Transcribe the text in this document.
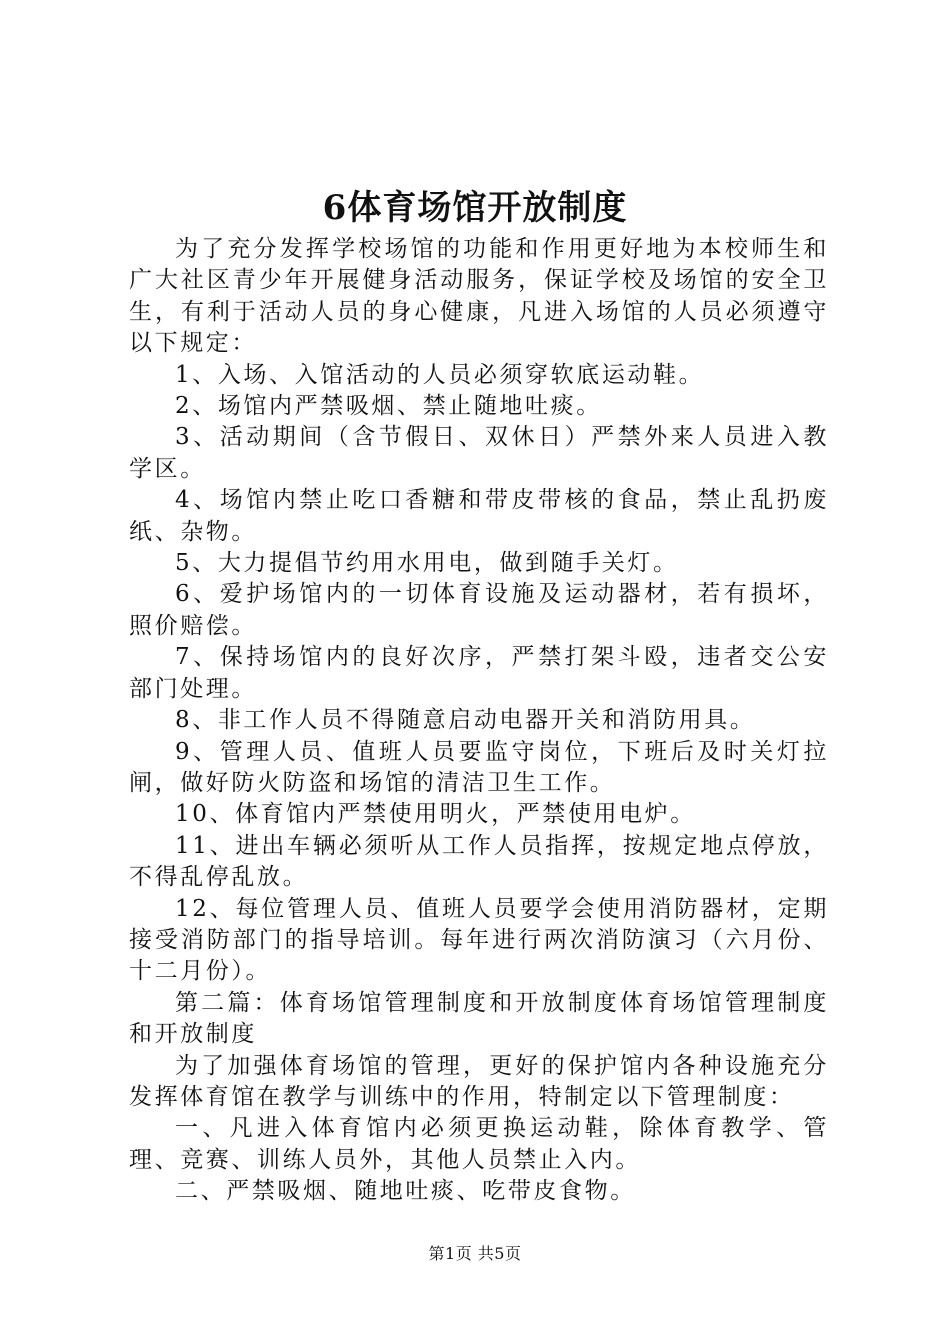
6体育场馆开放制度

为了充分发挥学校场馆的功能和作用更好地为本校师生和广大社区青少年开展健身活动服务，保证学校及场馆的安全卫生，有利于活动人员的身心健康，凡进入场馆的人员必须遵守以下规定：

1、入场、入馆活动的人员必须穿软底运动鞋。

2、场馆内严禁吸烟、禁止随地吐痰。

3、活动期间（含节假日、双休日）严禁外来人员进入教学区。

4、场馆内禁止吃口香糖和带皮带核的食品，禁止乱扔废纸、杂物。

5、大力提倡节约用水用电，做到随手关灯。

6、爱护场馆内的一切体育设施及运动器材，若有损坏，照价赔偿。

7、保持场馆内的良好次序，严禁打架斗殴，违者交公安部门处理。

8、非工作人员不得随意启动电器开关和消防用具。

9、管理人员、值班人员要监守岗位，下班后及时关灯拉闸，做好防火防盗和场馆的清洁卫生工作。

10、体育馆内严禁使用明火，严禁使用电炉。

11、进出车辆必须听从工作人员指挥，按规定地点停放，不得乱停乱放。

12、每位管理人员、值班人员要学会使用消防器材，定期接受消防部门的指导培训。每年进行两次消防演习（六月份、十二月份）。

第二篇：体育场馆管理制度和开放制度体育场馆管理制度和开放制度

为了加强体育场馆的管理，更好的保护馆内各种设施充分发挥体育馆在教学与训练中的作用，特制定以下管理制度：

一、凡进入体育馆内必须更换运动鞋，除体育教学、管理、竞赛、训练人员外，其他人员禁止入内。

二、严禁吸烟、随地吐痰、吃带皮食物。

第1页 共5页
